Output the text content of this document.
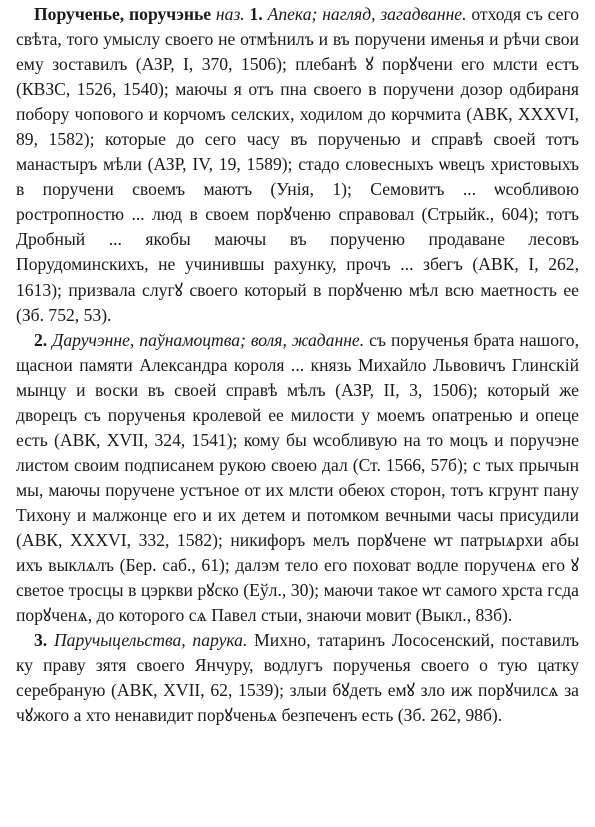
Порученье, поручэнье наз. 1. Апека; нагляд, загадванне. отходя съ сего свѣта, того умыслу своего не отмѣнилъ и въ поручени именья и рѣчи свои ему зоставилъ (АЗР, І, 370, 1506); плебанѣ ꙋ порꙋчени его млсти естъ (КВЗС, 1526, 1540); маючы я отъ пна своего в поручени дозор одбираня побору чоповогo и корчомъ селских, ходилом до корчмита (АВК, ХХХVІ, 89, 1582); которые до сего часу въ порученью и справѣ своей тотъ манастыръ мѣли (АЗР, ІV, 19, 1589); стадо словесныхъ ѡвецъ христовыхъ в поручени своемъ маютъ (Унія, 1); Семовитъ ... ѡсобливою ростропностю ... люд в своем порꙋченю справовал (Стрыйк., 604); тотъ Дробный ... якобы маючы въ порученю продаване лесовъ Порудоминскихъ, не учинившы рахунку, прочъ ... збегъ (АВК, І, 262, 1613); призвала слугꙋ своего который в порꙋченю мѣл всю маетность ее (Зб. 752, 53).

2. Даручэнне, паўнамоцтва; воля, жаданне. съ порученья брата нашого, щаснои памяти Александра короля ... князь Михайло Львовичъ Глинскій мынцу и воски въ своей справѣ мѣлъ (АЗР, ІІ, 3, 1506); который же дворецъ съ порученья кролевой ее милости у моемъ опатренью и опеце есть (АВК, ХVІІ, 324, 1541); кому бы ѡсобливую на то моцъ и поручэне листом своим подписанем рукою своею дал (Ст. 1566, 57б); с тых прычын мы, маючы поручене устъное от их млсти обеюх сторон, тотъ кгрунт пану Тихону и малжонце его и их детем и потомком вечными часы присудили (АВК, ХХХVІ, 332, 1582); никифоръ мелъ порꙋчене ѡт патрыѧрхи абы ихъ выклѧлъ (Бер. саб., 61); далэм тело его поховат водле порученѧ его ꙋ светое тросцы в цэркви рꙋско (Еўл., 30); маючи такое ѡт самого хрста гсда порꙋченѧ, до которого сѧ Павел стыи, знаючи мовит (Выкл., 83б).

3. Паручыцельства, парука. Михно, татаринъ Лососенский, поставилъ ку праву зятя своего Янчуру, водлугъ порученья своего о тую цатку серебраную (АВК, ХVІІ, 62, 1539); злыи бꙋдеть емꙋ зло иж порꙋчилсѧ за чꙋжого а хто ненавидит порꙋченьѧ безпеченъ есть (Зб. 262, 98б).
